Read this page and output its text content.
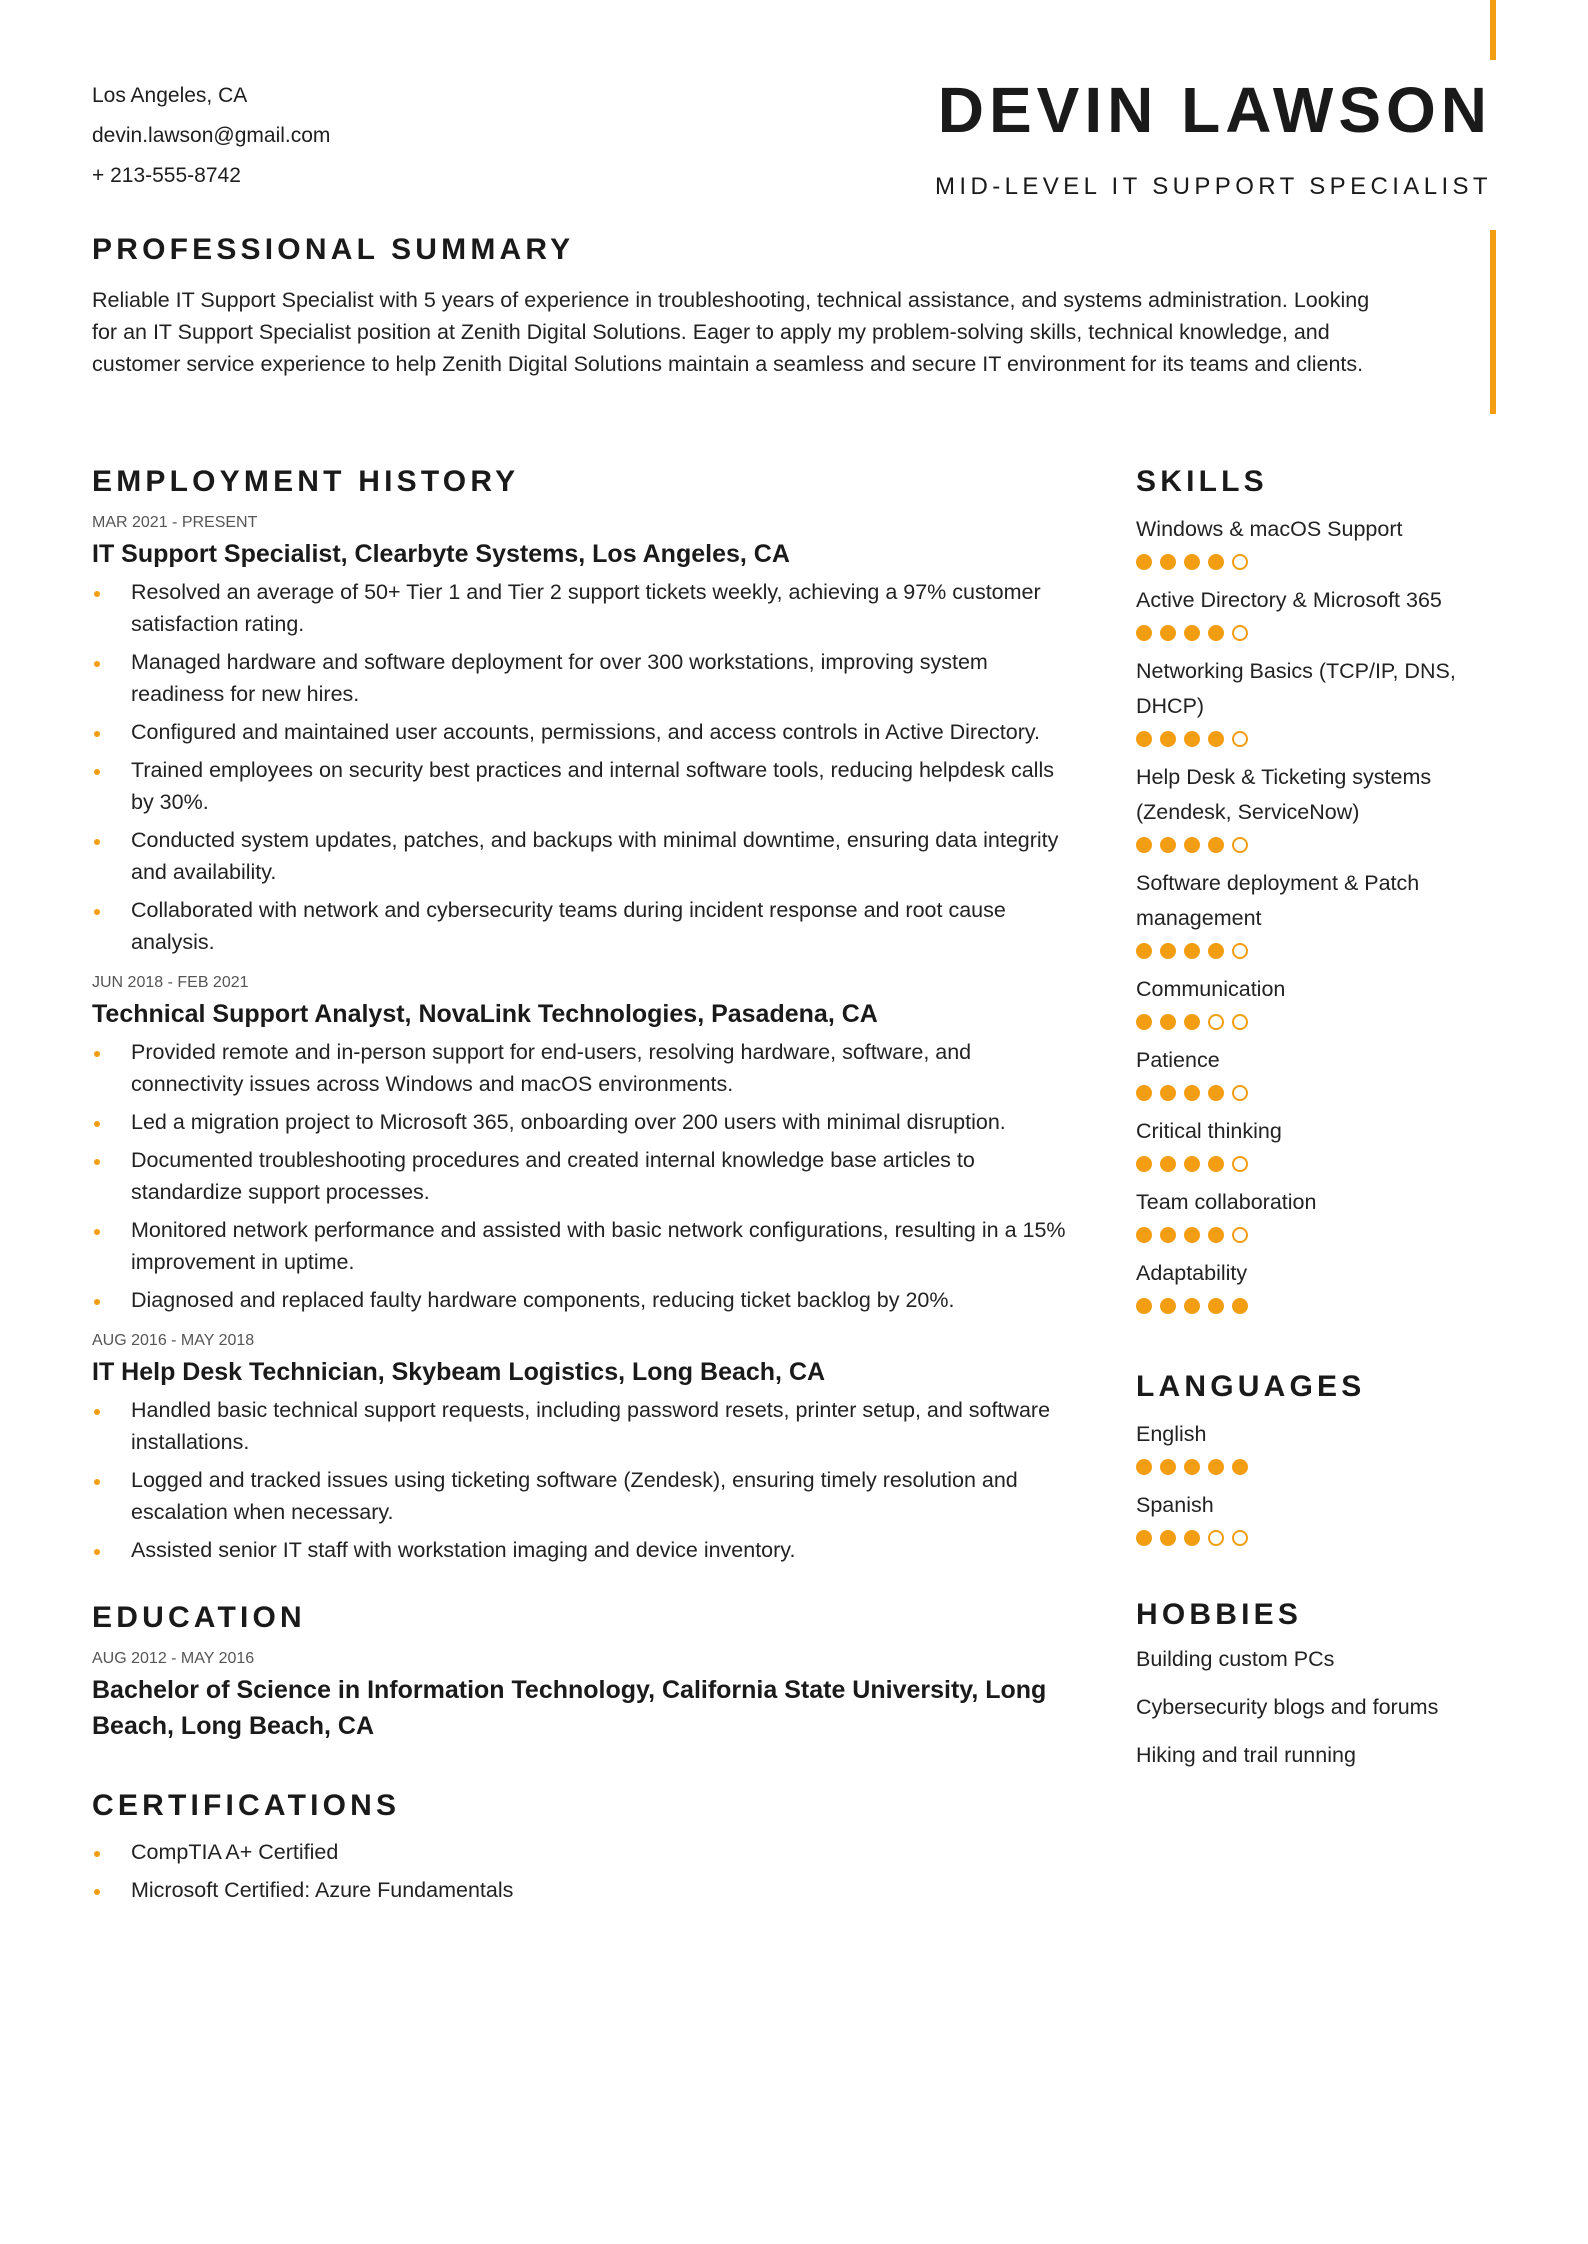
Los Angeles, CA
devin.lawson@gmail.com
+ 213-555-8742
DEVIN LAWSON
MID-LEVEL IT SUPPORT SPECIALIST
PROFESSIONAL SUMMARY

Reliable IT Support Specialist with 5 years of experience in troubleshooting, technical assistance, and systems administration. Looking for an IT Support Specialist position at Zenith Digital Solutions. Eager to apply my problem-solving skills, technical knowledge, and customer service experience to help Zenith Digital Solutions maintain a seamless and secure IT environment for its teams and clients.

EMPLOYMENT HISTORY
MAR 2021 - PRESENT
IT Support Specialist, Clearbyte Systems, Los Angeles, CA
Resolved an average of 50+ Tier 1 and Tier 2 support tickets weekly, achieving a 97% customer satisfaction rating.
Managed hardware and software deployment for over 300 workstations, improving system readiness for new hires.
Configured and maintained user accounts, permissions, and access controls in Active Directory.
Trained employees on security best practices and internal software tools, reducing helpdesk calls by 30%.
Conducted system updates, patches, and backups with minimal downtime, ensuring data integrity and availability.
Collaborated with network and cybersecurity teams during incident response and root cause analysis.
JUN 2018 - FEB 2021
Technical Support Analyst, NovaLink Technologies, Pasadena, CA
Provided remote and in-person support for end-users, resolving hardware, software, and connectivity issues across Windows and macOS environments.
Led a migration project to Microsoft 365, onboarding over 200 users with minimal disruption.
Documented troubleshooting procedures and created internal knowledge base articles to standardize support processes.
Monitored network performance and assisted with basic network configurations, resulting in a 15% improvement in uptime.
Diagnosed and replaced faulty hardware components, reducing ticket backlog by 20%.
AUG 2016 - MAY 2018
IT Help Desk Technician, Skybeam Logistics, Long Beach, CA
Handled basic technical support requests, including password resets, printer setup, and software installations.
Logged and tracked issues using ticketing software (Zendesk), ensuring timely resolution and escalation when necessary.
Assisted senior IT staff with workstation imaging and device inventory.
EDUCATION
AUG 2012 - MAY 2016
Bachelor of Science in Information Technology, California State University, Long Beach, Long Beach, CA
CERTIFICATIONS
CompTIA A+ Certified
Microsoft Certified: Azure Fundamentals
SKILLS
Windows & macOS Support
Active Directory & Microsoft 365
Networking Basics (TCP/IP, DNS, DHCP)
Help Desk & Ticketing systems (Zendesk, ServiceNow)
Software deployment & Patch management
Communication
Patience
Critical thinking
Team collaboration
Adaptability
LANGUAGES
English
Spanish
HOBBIES
Building custom PCs
Cybersecurity blogs and forums
Hiking and trail running
